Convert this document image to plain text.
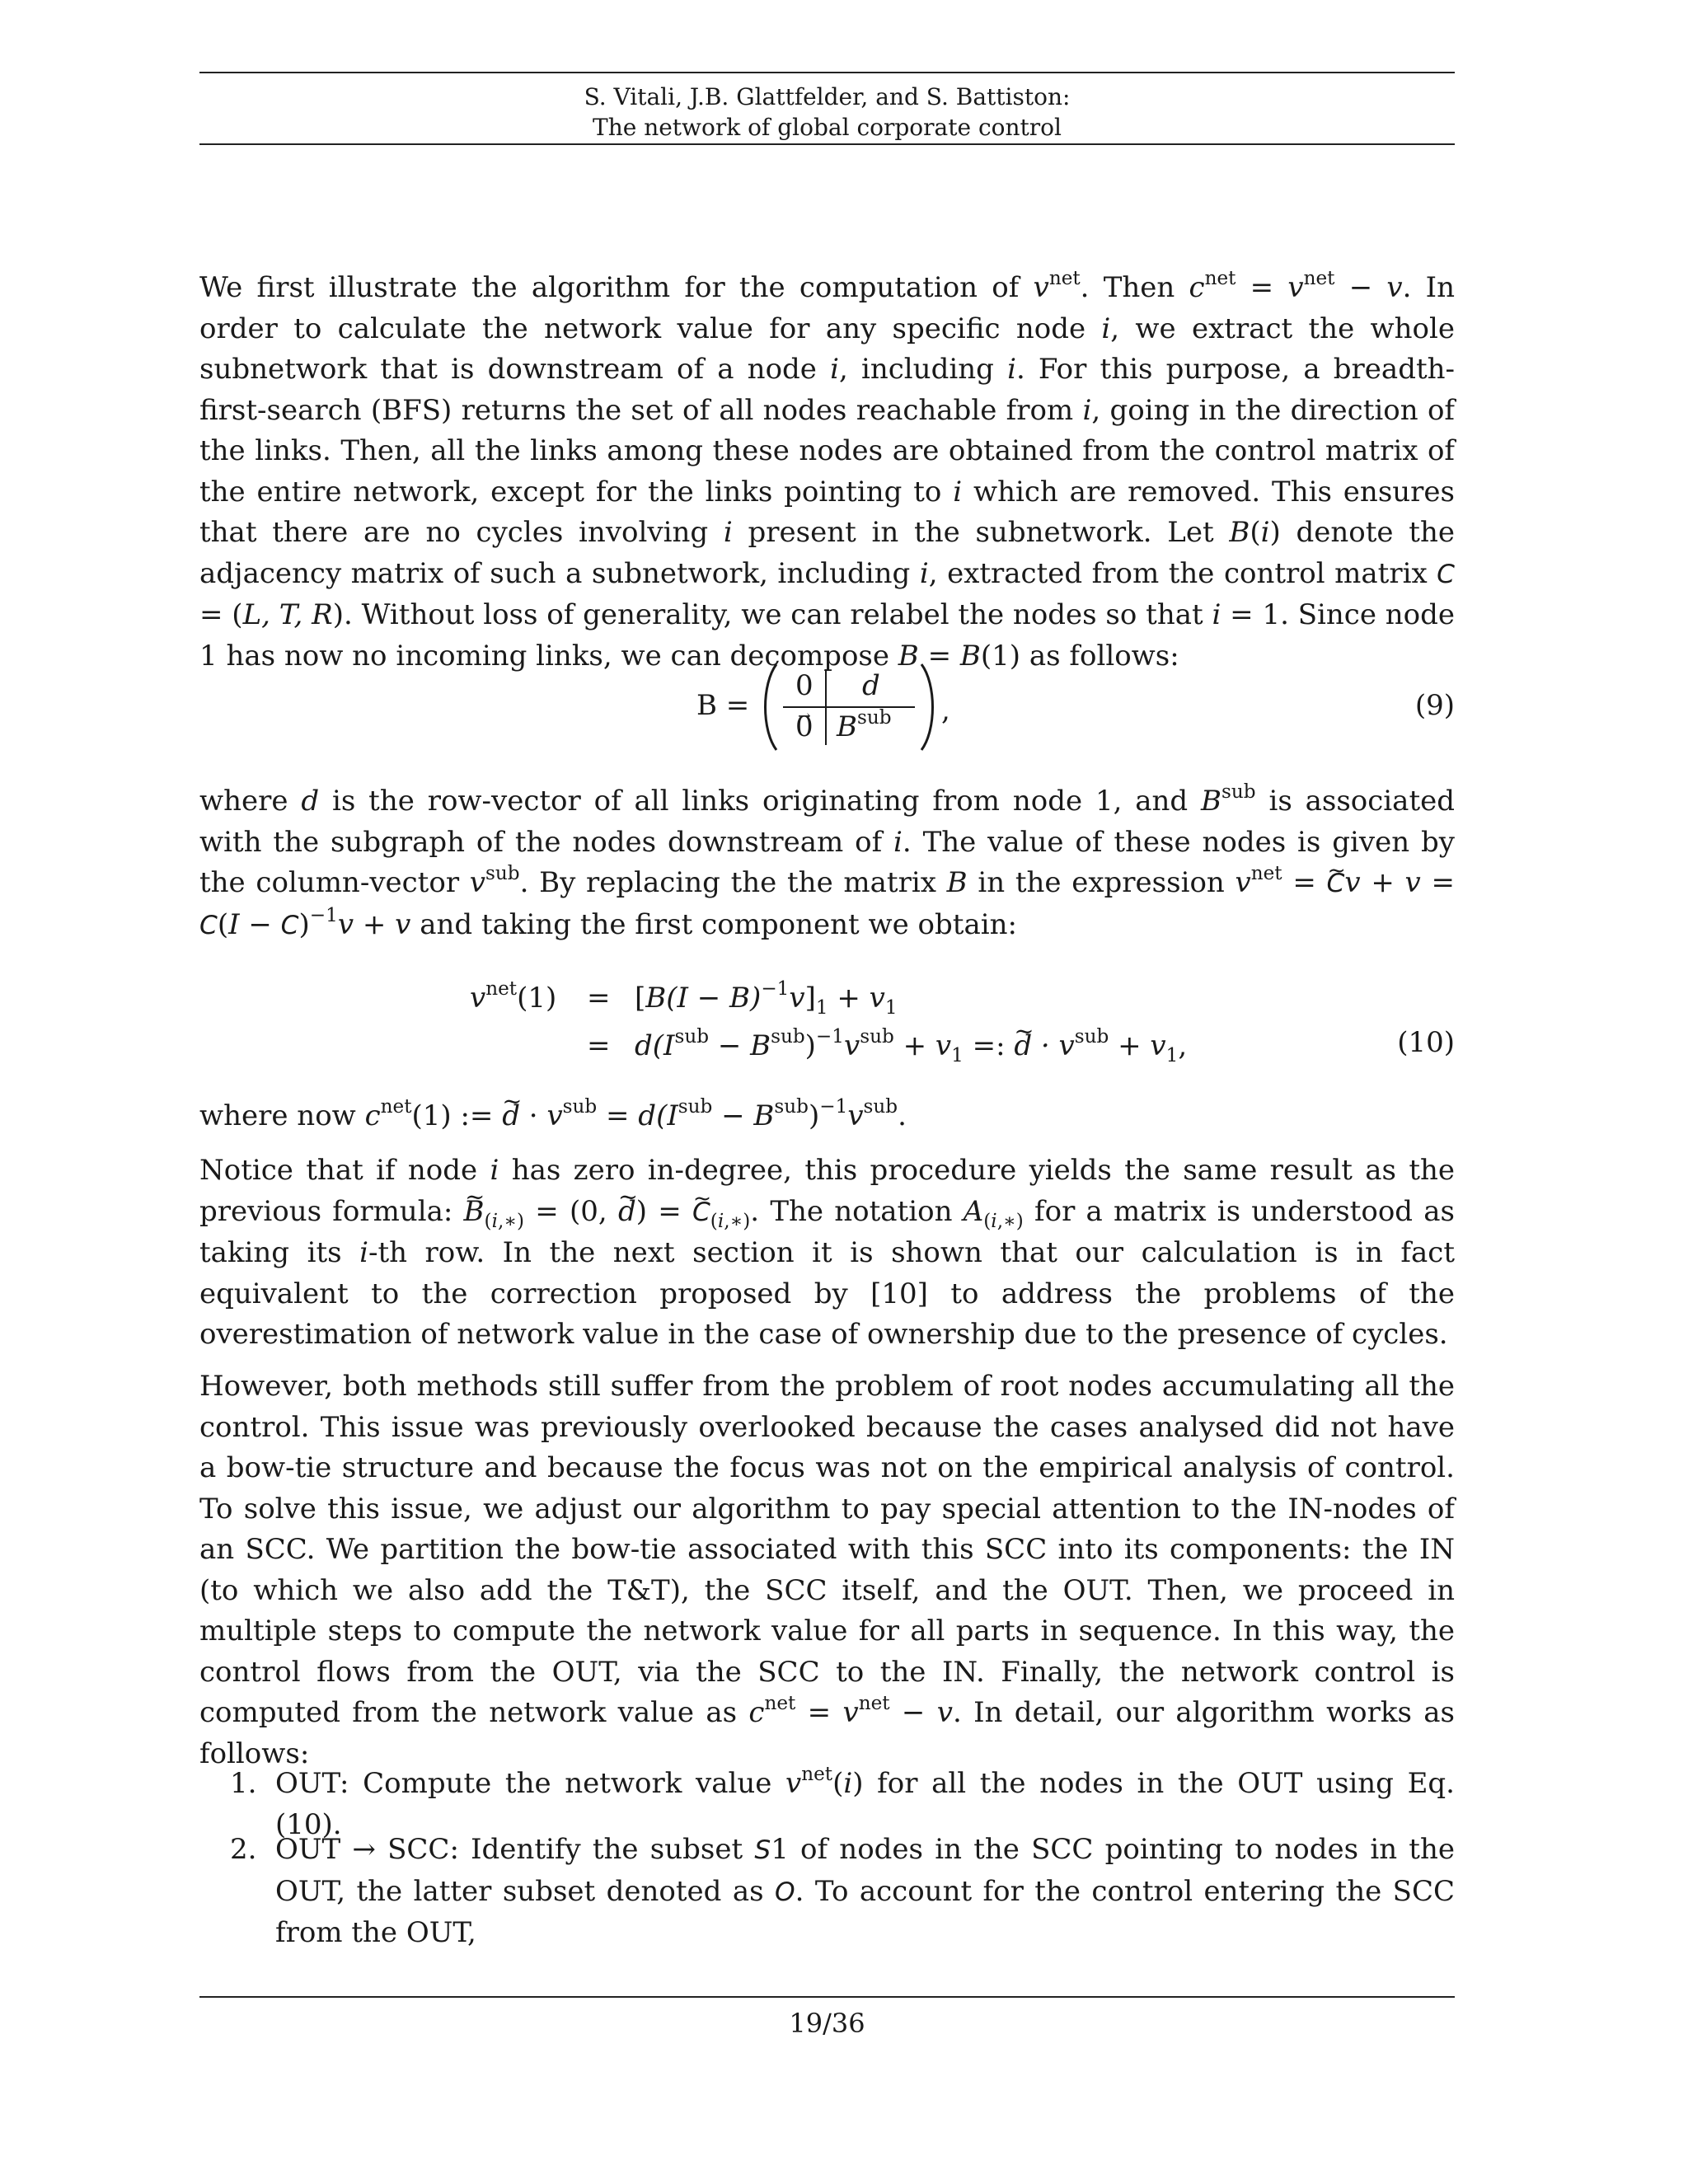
S. Vitali, J.B. Glattfelder, and S. Battiston:
The network of global corporate control

We first illustrate the algorithm for the computation of $v^{net}$. Then $c^{net} = v^{net} - v$. In order to calculate the network value for any specific node i, we extract the whole subnetwork that is downstream of a node i, including i. For this purpose, a breadth-first-search (BFS) returns the set of all nodes reachable from i, going in the direction of the links. Then, all the links among these nodes are obtained from the control matrix of the entire network, except for the links pointing to i which are removed. This ensures that there are no cycles involving i present in the subnetwork. Let B(i) denote the adjacency matrix of such a subnetwork, including i, extracted from the control matrix C = (L, T, R). Without loss of generality, we can relabel the nodes so that i = 1. Since node 1 has now no incoming links, we can decompose B = B(1) as follows:

B =
0 d
→ 0 $B^{sub}$ ,	(9)

where d is the row-vector of all links originating from node 1, and $B^{sub}$ is associated with the subgraph of the nodes downstream of i. The value of these nodes is given by the column-vector $v^{sub}$. By replacing the the matrix B in the expression $v^{net}$ = ~ $Cv + v = C(I - C)^{-1}v + v$ and taking the first component we obtain:

$v^{net}(1) = [B(I - B)^{-1}v]_1 + v_1$
= $d(I^{sub} - B^{sub})^{-1}v^{sub} + v_1$ =: ~ $d \cdot v^{sub} + v_1$,	(10)

where now $c^{net}(1)$ := ~ $d \cdot v^{sub} = d(I^{sub} - B^{sub})^{-1}v^{sub}$.

Notice that if node i has zero in-degree, this procedure yields the same result as the previous formula: ~ $B_{(i,∗)} = (0$, ~ d) = ~ $C_{(i,∗)}$. The notation $A_{(i,∗)}$ for a matrix is understood as taking its i-th row. In the next section it is shown that our calculation is in fact equivalent to the correction proposed by [10] to address the problems of the overestimation of network value in the case of ownership due to the presence of cycles.

However, both methods still suffer from the problem of root nodes accumulating all the control. This issue was previously overlooked because the cases analysed did not have a bow-tie structure and because the focus was not on the empirical analysis of control. To solve this issue, we adjust our algorithm to pay special attention to the IN-nodes of an SCC. We partition the bow-tie associated with this SCC into its components: the IN (to which we also add the T&T), the SCC itself, and the OUT. Then, we proceed in multiple steps to compute the network value for all parts in sequence. In this way, the control flows from the OUT, via the SCC to the IN. Finally, the network control is computed from the network value as $c^{net} = v^{net} - v$. In detail, our algorithm works as follows:

1. OUT: Compute the network value $v^{net}(i)$ for all the nodes in the OUT using Eq. (10).
2. OUT → SCC: Identify the subset S1 of nodes in the SCC pointing to nodes in the OUT, the latter subset denoted as O. To account for the control entering the SCC from the OUT,
19/36
